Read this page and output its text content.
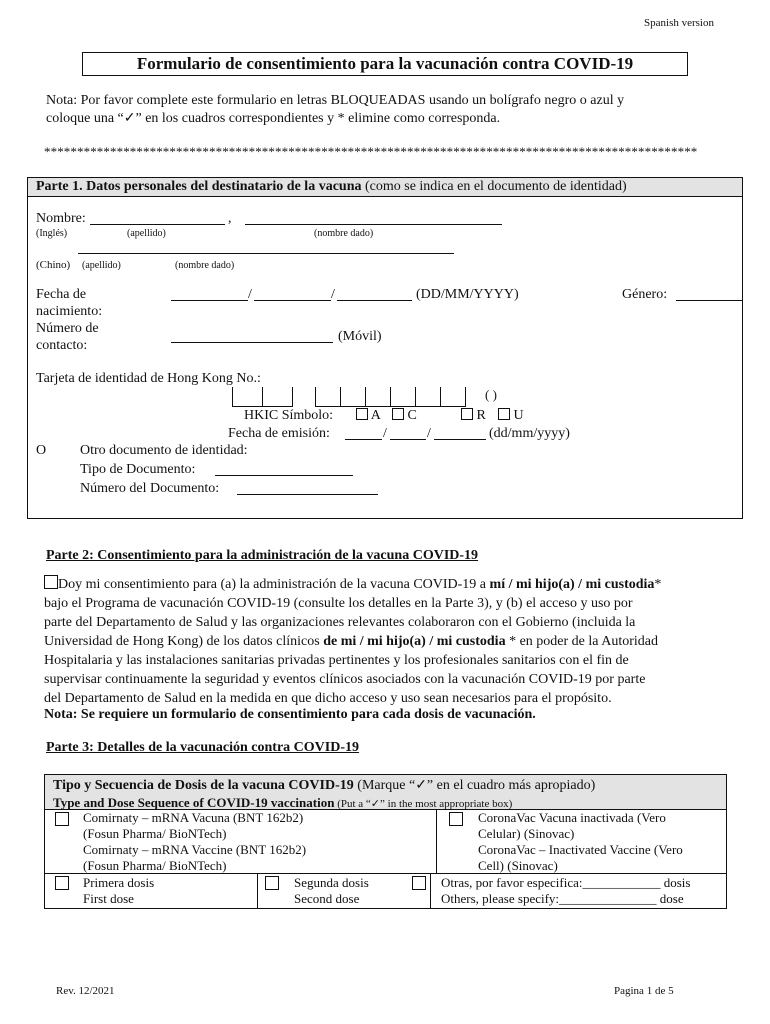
Spanish version
Formulario de consentimiento para la vacunación contra COVID-19
Nota: Por favor complete este formulario en letras BLOQUEADAS usando un bolígrafo negro o azul y
coloque una “✓” en los cuadros correspondientes y * elimine como corresponda.
***************************************************************************************************
Parte 1. Datos personales del destinatario de la vacuna (como se indica en el documento de identidad)
Nombre:	,
(Inglés)	(apellido)	(nombre dado)
(Chino) (apellido)	(nombre dado)
Fecha de
nacimiento:
/	/	(DD/MM/YYYY)	Género:
Número de
contacto:
(Móvil)
Tarjeta de identidad de Hong Kong No.:
( )
HKIC Símbolo:	A	C	R	U
Fecha de emisión:	/	/	(dd/mm/yyyy)
O Otro documento de identidad:
Tipo de Documento:
Número del Documento:
Parte 2: Consentimiento para la administración de la vacuna COVID-19
Doy mi consentimiento para (a) la administración de la vacuna COVID-19 a mí / mi hijo(a) / mi custodia*
bajo el Programa de vacunación COVID-19 (consulte los detalles en la Parte 3), y (b) el acceso y uso por
parte del Departamento de Salud y las organizaciones relevantes colaboraron con el Gobierno (incluida la
Universidad de Hong Kong) de los datos clínicos de mi / mi hijo(a) / mi custodia * en poder de la Autoridad
Hospitalaria y las instalaciones sanitarias privadas pertinentes y los profesionales sanitarios con el fin de
supervisar continuamente la seguridad y eventos clínicos asociados con la vacunación COVID-19 por parte
del Departamento de Salud en la medida en que dicho acceso y uso sean necesarios para el propósito.
Nota: Se requiere un formulario de consentimiento para cada dosis de vacunación.
Parte 3: Detalles de la vacunación contra COVID-19
Tipo y Secuencia de Dosis de la vacuna COVID-19 (Marque “✓” en el cuadro más apropiado)
Type and Dose Sequence of COVID-19 vaccination (Put a “✓” in the most appropriate box)
Comirnaty – mRNA Vacuna (BNT 162b2)
(Fosun Pharma/ BioNTech)
Comirnaty – mRNA Vaccine (BNT 162b2)
(Fosun Pharma/ BioNTech)
CoronaVac Vacuna inactivada (Vero
Celular) (Sinovac)
CoronaVac – Inactivated Vaccine (Vero
Cell) (Sinovac)
Primera dosis
First dose
Segunda dosis
Second dose
Otras, por favor especifica:____________ dosis
Others, please specify:_______________ dose
Rev. 12/2021	Pagina 1 de 5
